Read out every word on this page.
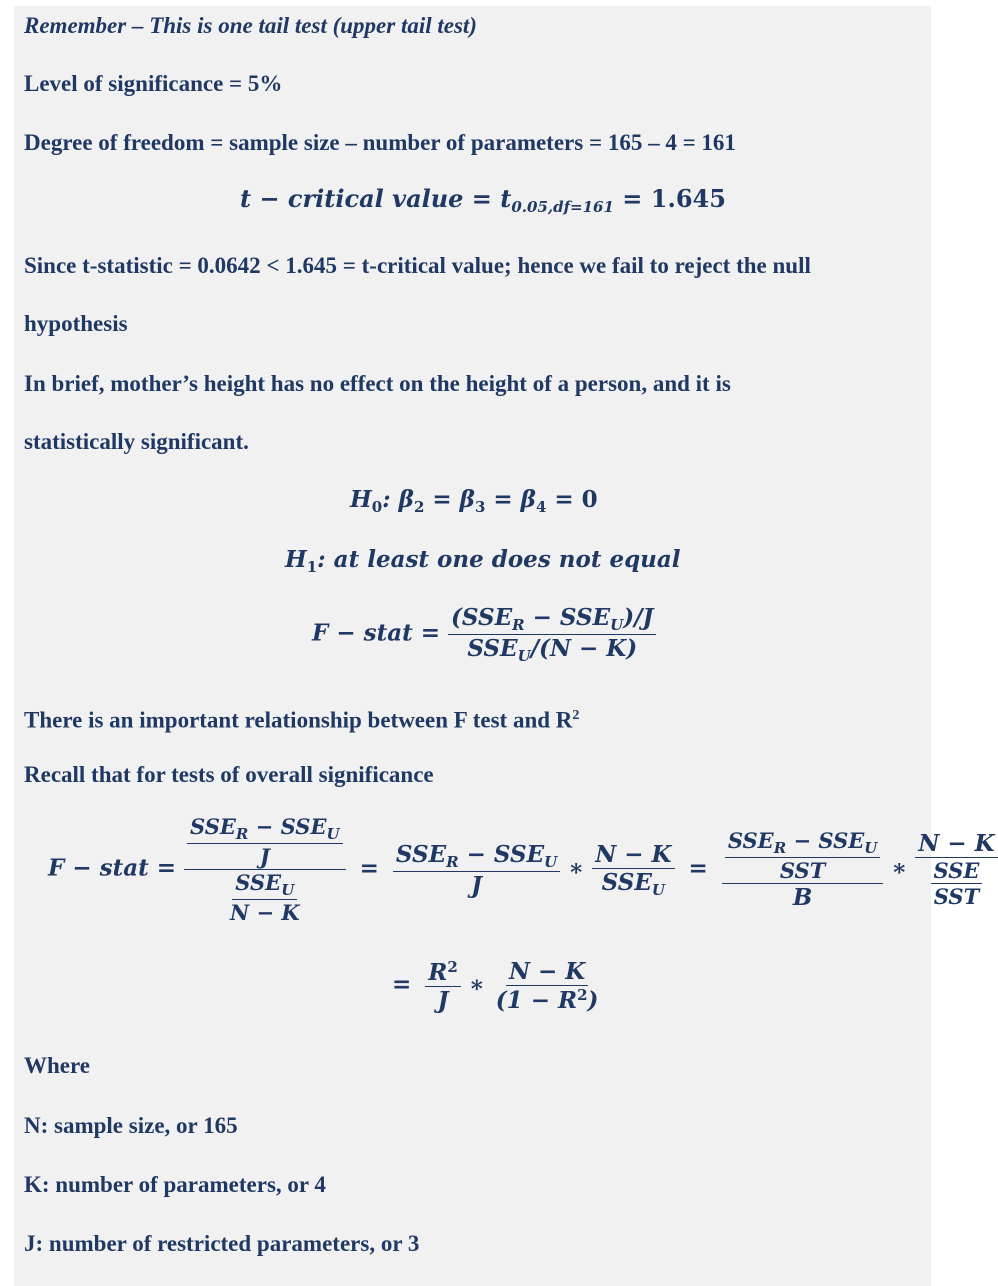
Remember – This is one tail test (upper tail test)
Level of significance = 5%
Degree of freedom = sample size – number of parameters = 165 – 4 = 161
t − critical value = $t_{0.05,df=161} = 1.645$
Since t-statistic = 0.0642 < 1.645 = t-critical value; hence we fail to reject the null
hypothesis
In brief, mother’s height has no effect on the height of a person, and it is
statistically significant.
$H_0$: $\beta_2 = \beta_3 = \beta_4 = 0$
$H_1$: at least one does not equal
F − stat = $\frac{(SSE_R - SSE_U)/J}{SSE_U/(N - K)}$
There is an important relationship between F test and $R^2$
Recall that for tests of overall significance
F − stat = $\frac{\frac{SSE_R - SSE_U}{J}}{\frac{SSE_U}{N - K}} = \frac{SSE_R - SSE_U}{J}$ ∗ $\frac{N - K}{SSE_U} = \frac{\frac{SSE_R - SSE_U}{\text{SST}}}{B}$ ∗ $\frac{N - K}{\frac{\text{SSE}}{\text{SST}}}$
= $\frac{R^2}{J}$ ∗ $\frac{N - K}{(1 - R^2)}$
Where
N: sample size, or 165
K: number of parameters, or 4
J: number of restricted parameters, or 3
